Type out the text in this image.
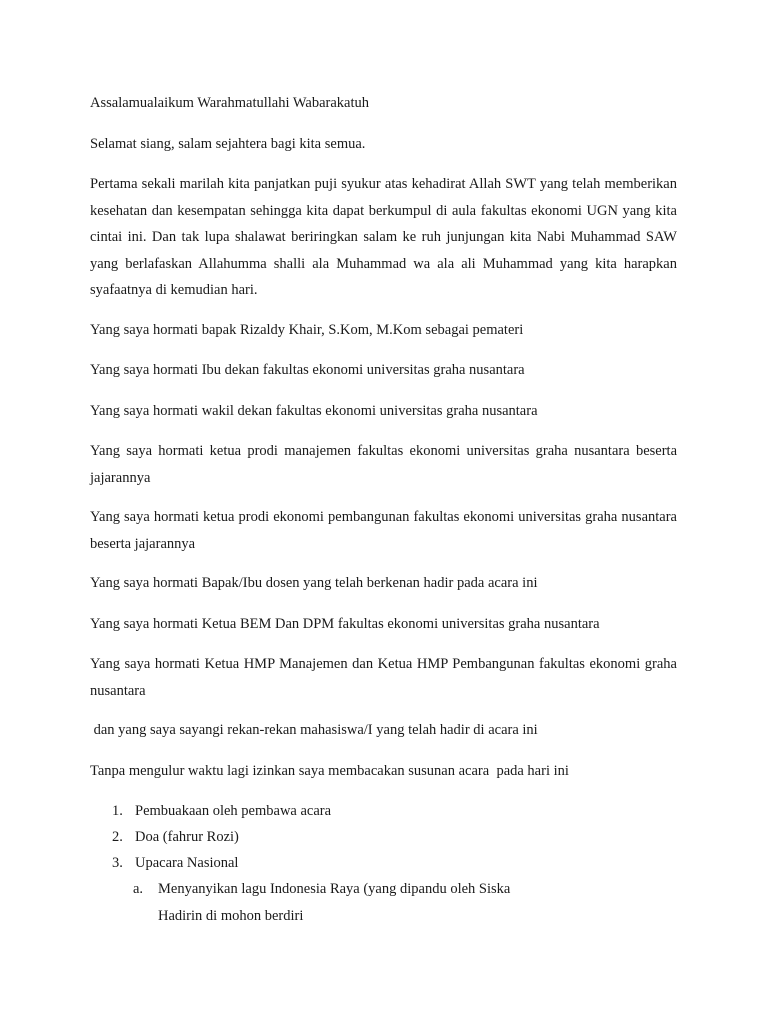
Assalamualaikum Warahmatullahi Wabarakatuh

Selamat siang, salam sejahtera bagi kita semua.

Pertama sekali marilah kita panjatkan puji syukur atas kehadirat Allah SWT yang telah memberikan kesehatan dan kesempatan sehingga kita dapat berkumpul di aula fakultas ekonomi UGN yang kita cintai ini. Dan tak lupa shalawat beriringkan salam ke ruh junjungan kita Nabi Muhammad SAW yang berlafaskan Allahumma shalli ala Muhammad wa ala ali Muhammad yang kita harapkan syafaatnya di kemudian hari.

Yang saya hormati bapak Rizaldy Khair, S.Kom, M.Kom sebagai pemateri

Yang saya hormati Ibu dekan fakultas ekonomi universitas graha nusantara

Yang saya hormati wakil dekan fakultas ekonomi universitas graha nusantara

Yang saya hormati ketua prodi manajemen fakultas ekonomi universitas graha nusantara beserta jajarannya

Yang saya hormati ketua prodi ekonomi pembangunan fakultas ekonomi universitas graha nusantara beserta jajarannya

Yang saya hormati Bapak/Ibu dosen yang telah berkenan hadir pada acara ini

Yang saya hormati Ketua BEM Dan DPM fakultas ekonomi universitas graha nusantara

Yang saya hormati Ketua HMP Manajemen dan Ketua HMP Pembangunan fakultas ekonomi graha nusantara

dan yang saya sayangi rekan-rekan mahasiswa/I yang telah hadir di acara ini

Tanpa mengulur waktu lagi izinkan saya membacakan susunan acara  pada hari ini

1. Pembuakaan oleh pembawa acara
2. Doa (fahrur Rozi)
3. Upacara Nasional
a. Menyanyikan lagu Indonesia Raya (yang dipandu oleh Siska
Hadirin di mohon berdiri
